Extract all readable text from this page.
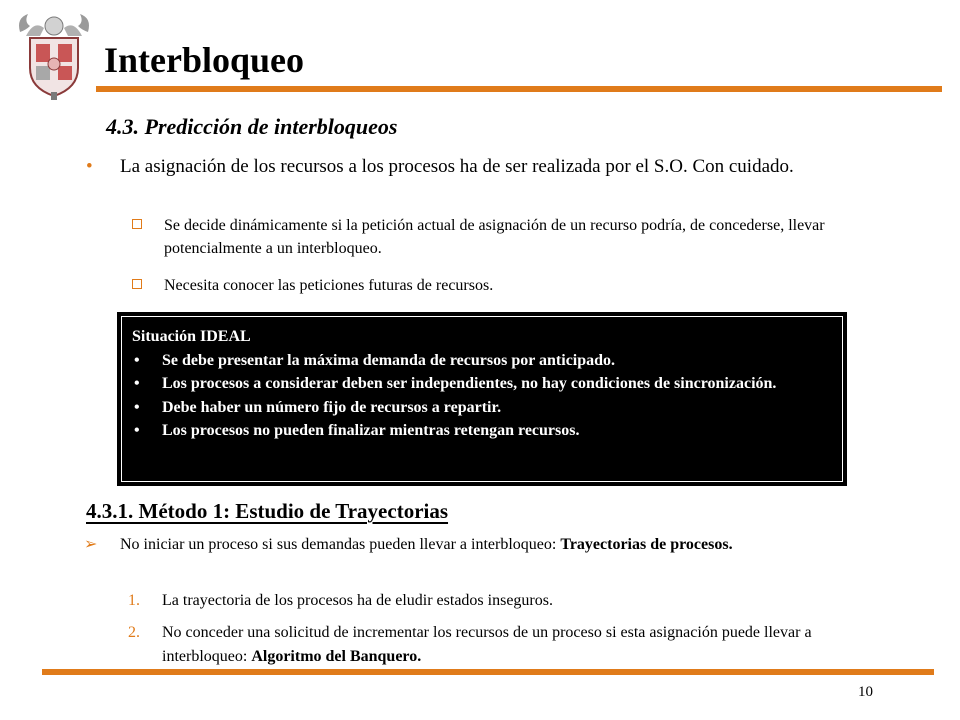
Interbloqueo
4.3. Predicción de interbloqueos
•	La asignación de los recursos a los procesos ha de ser realizada por el S.O. Con cuidado.
Se decide dinámicamente si la petición actual de asignación de un recurso podría, de concederse, llevar potencialmente a un interbloqueo.
Necesita conocer las peticiones futuras de recursos.
Situación IDEAL
• Se debe presentar la máxima demanda de recursos por anticipado.
• Los procesos a considerar deben ser independientes, no hay condiciones de sincronización.
• Debe haber un número fijo de recursos a repartir.
• Los procesos no pueden finalizar mientras retengan recursos.
4.3.1. Método 1: Estudio de Trayectorias
➢	No iniciar un proceso si sus demandas pueden llevar a interbloqueo: Trayectorias de procesos.
1.	La trayectoria de los procesos ha de eludir estados inseguros.
2.	No conceder una solicitud de incrementar los recursos de un proceso si esta asignación puede llevar a interbloqueo: Algoritmo del Banquero.
10
